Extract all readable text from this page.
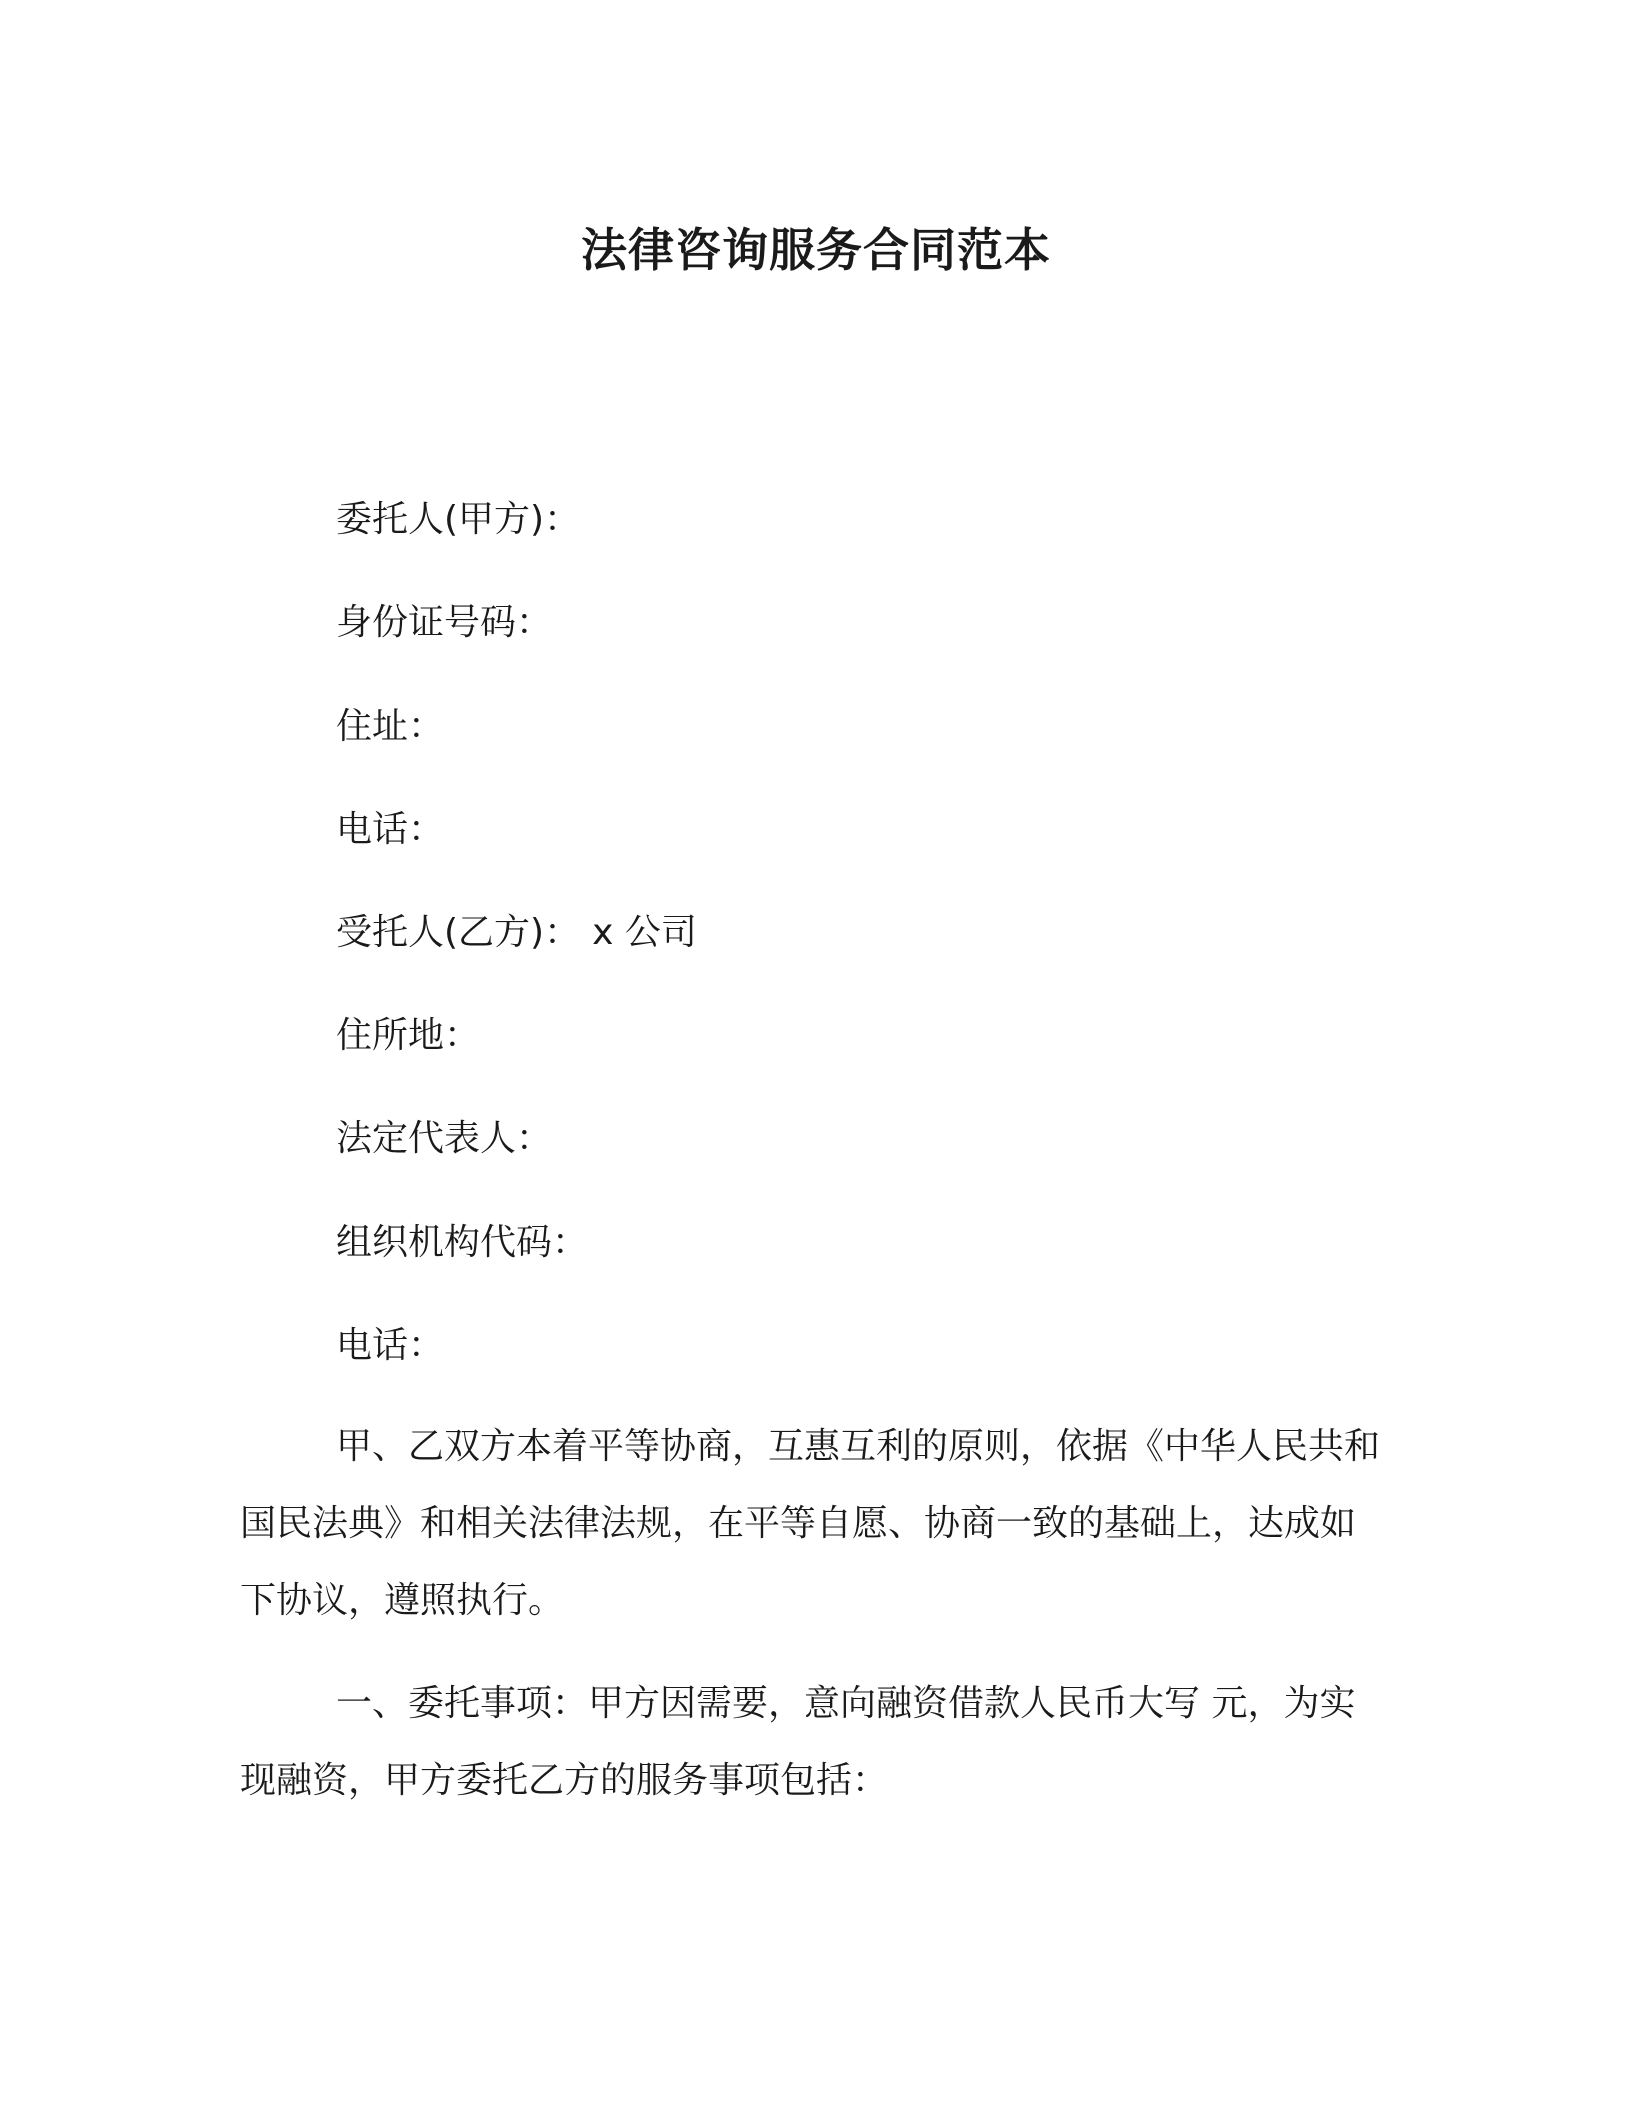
法律咨询服务合同范本
委托人(甲方)：
身份证号码：
住址：
电话：
受托人(乙方)： x 公司
住所地：
法定代表人：
组织机构代码：
电话：
甲、乙双方本着平等协商，互惠互利的原则，依据《中华人民共和国民法典》和相关法律法规，在平等自愿、协商一致的基础上，达成如下协议，遵照执行。
一、委托事项：甲方因需要，意向融资借款人民币大写 元，为实现融资，甲方委托乙方的服务事项包括：
